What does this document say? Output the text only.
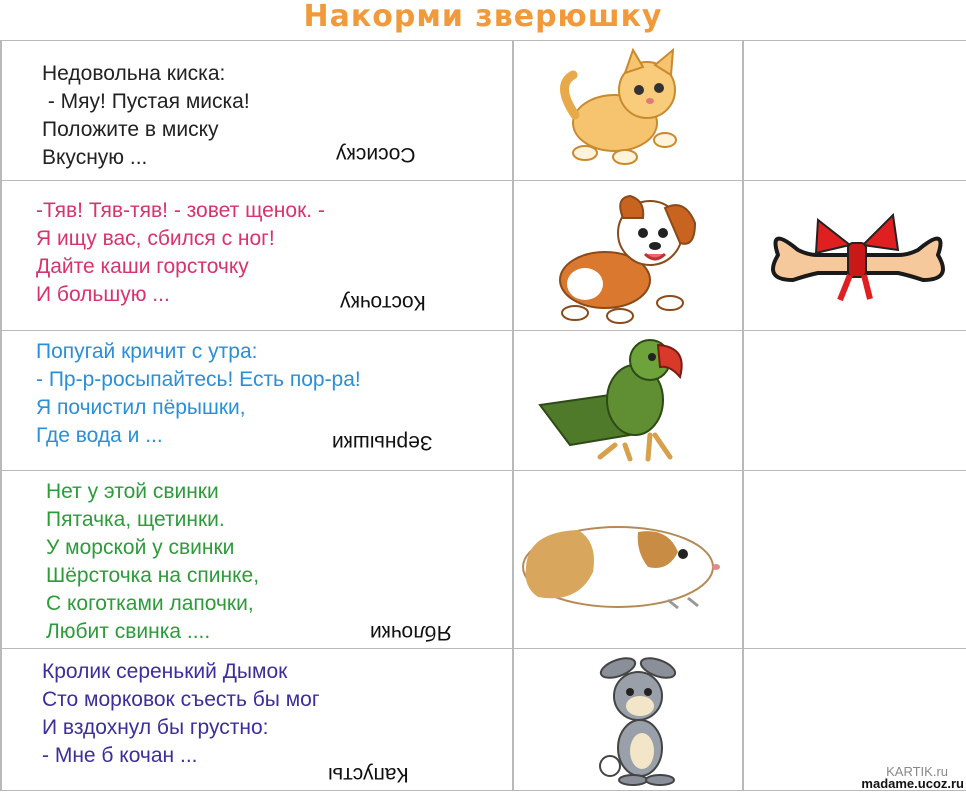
Накорми зверюшку
Недовольна киска:
- Мяу! Пустая миска!
Положите в миску
Вкусную ...	Сосиску
-Тяв! Тяв-тяв! - зовет щенок. -
Я ищу вас, сбился с ног!
Дайте каши горсточку
И большую ...	Косточку
Попугай кричит с утра:
- Пр-р-росыпайтесь! Есть пор-ра!
Я почистил пёрышки,
Где вода и ...	Зернышки
Нет у этой свинки
Пятачка, щетинки.
У морской у свинки
Шёрсточка на спинке,
С коготками лапочки,
Любит свинка ....	Яблочки
Кролик серенький Дымок
Сто морковок съесть бы мог
И вздохнул бы грустно:
- Мне б кочан ...
Капусты	KARTIK.ru
madame.ucoz.ru
